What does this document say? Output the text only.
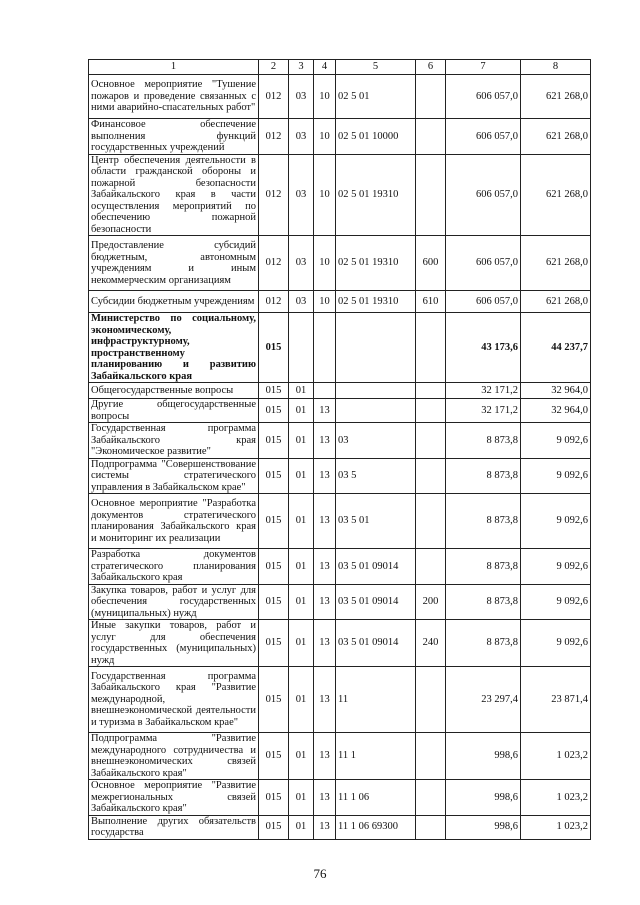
1	2	3	4	5	6	7	8
Основное мероприятие "Тушение пожаров и проведение связанных с ними аварийно-спасательных работ"	012	03	10	02 5 01		606 057,0	621 268,0
Финансовое обеспечение выполнения функций государственных учреждений	012	03	10	02 5 01 10000		606 057,0	621 268,0
Центр обеспечения деятельности в области гражданской обороны и пожарной безопасности Забайкальского края в части осуществления мероприятий по обеспечению пожарной безопасности	012	03	10	02 5 01 19310		606 057,0	621 268,0
Предоставление субсидий бюджетным, автономным учреждениям и иным некоммерческим организациям	012	03	10	02 5 01 19310	600	606 057,0	621 268,0
Субсидии бюджетным учреждениям	012	03	10	02 5 01 19310	610	606 057,0	621 268,0
Министерство по социальному, экономическому, инфраструктурному, пространственному планированию и развитию Забайкальского края	015					43 173,6	44 237,7
Общегосударственные вопросы	015	01				32 171,2	32 964,0
Другие общегосударственные вопросы	015	01	13			32 171,2	32 964,0
Государственная программа Забайкальского края "Экономическое развитие"	015	01	13	03		8 873,8	9 092,6
Подпрограмма "Совершенствование системы стратегического управления в Забайкальском крае"	015	01	13	03 5		8 873,8	9 092,6
Основное мероприятие "Разработка документов стратегического планирования Забайкальского края и мониторинг их реализации	015	01	13	03 5 01		8 873,8	9 092,6
Разработка документов стратегического планирования Забайкальского края	015	01	13	03 5 01 09014		8 873,8	9 092,6
Закупка товаров, работ и услуг для обеспечения государственных (муниципальных) нужд	015	01	13	03 5 01 09014	200	8 873,8	9 092,6
Иные закупки товаров, работ и услуг для обеспечения государственных (муниципальных) нужд	015	01	13	03 5 01 09014	240	8 873,8	9 092,6
Государственная программа Забайкальского края "Развитие международной, внешнеэкономической деятельности и туризма в Забайкальском крае"	015	01	13	11		23 297,4	23 871,4
Подпрограмма "Развитие международного сотрудничества и внешнеэкономических связей Забайкальского края"	015	01	13	11 1		998,6	1 023,2
Основное мероприятие "Развитие межрегиональных связей Забайкальского края"	015	01	13	11 1 06		998,6	1 023,2
Выполнение других обязательств государства	015	01	13	11 1 06 69300		998,6	1 023,2
76
